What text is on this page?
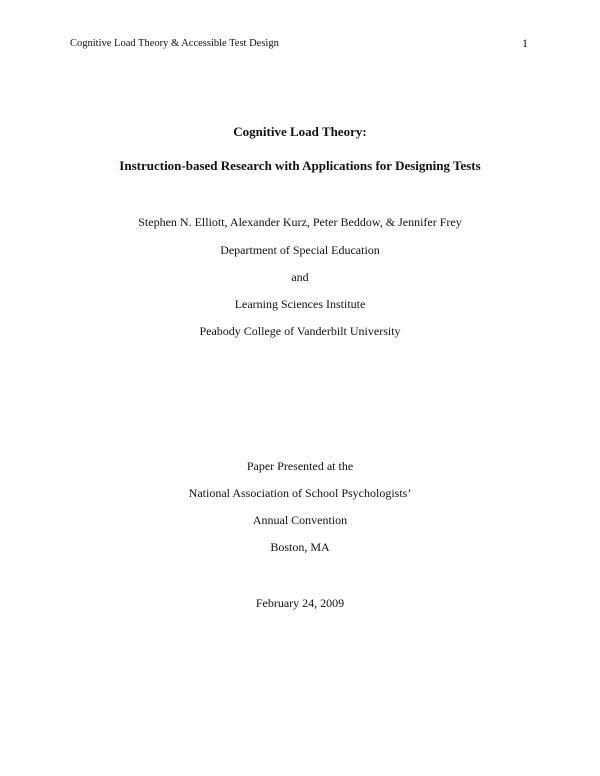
Cognitive Load Theory & Accessible Test Design	1
Cognitive Load Theory:
Instruction-based Research with Applications for Designing Tests
Stephen N. Elliott, Alexander Kurz, Peter Beddow, & Jennifer Frey
Department of Special Education
and
Learning Sciences Institute
Peabody College of Vanderbilt University
Paper Presented at the
National Association of School Psychologists’
Annual Convention
Boston, MA
February 24, 2009
